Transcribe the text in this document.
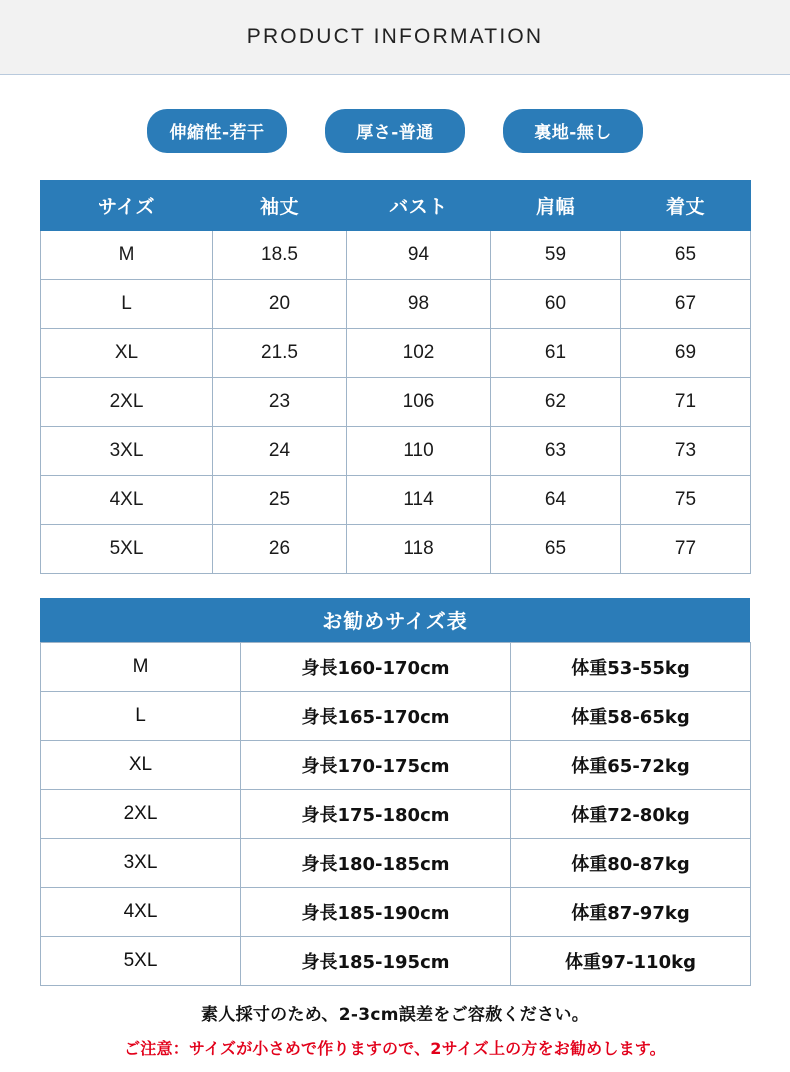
PRODUCT INFORMATION
伸縮性-若干	厚さ-普通	裏地-無し
サイズ	袖丈	バスト	肩幅	着丈
M	18.5	94	59	65
L	20	98	60	67
XL	21.5	102	61	69
2XL	23	106	62	71
3XL	24	110	63	73
4XL	25	114	64	75
5XL	26	118	65	77
お勧めサイズ表
M	身長160-170cm	体重53-55kg
L	身長165-170cm	体重58-65kg
XL	身長170-175cm	体重65-72kg
2XL	身長175-180cm	体重72-80kg
3XL	身長180-185cm	体重80-87kg
4XL	身長185-190cm	体重87-97kg
5XL	身長185-195cm	体重97-110kg
素人採寸のため、2-3cm誤差をご容赦ください。
ご注意：サイズが小さめで作りますので、2サイズ上の方をお勧めします。
